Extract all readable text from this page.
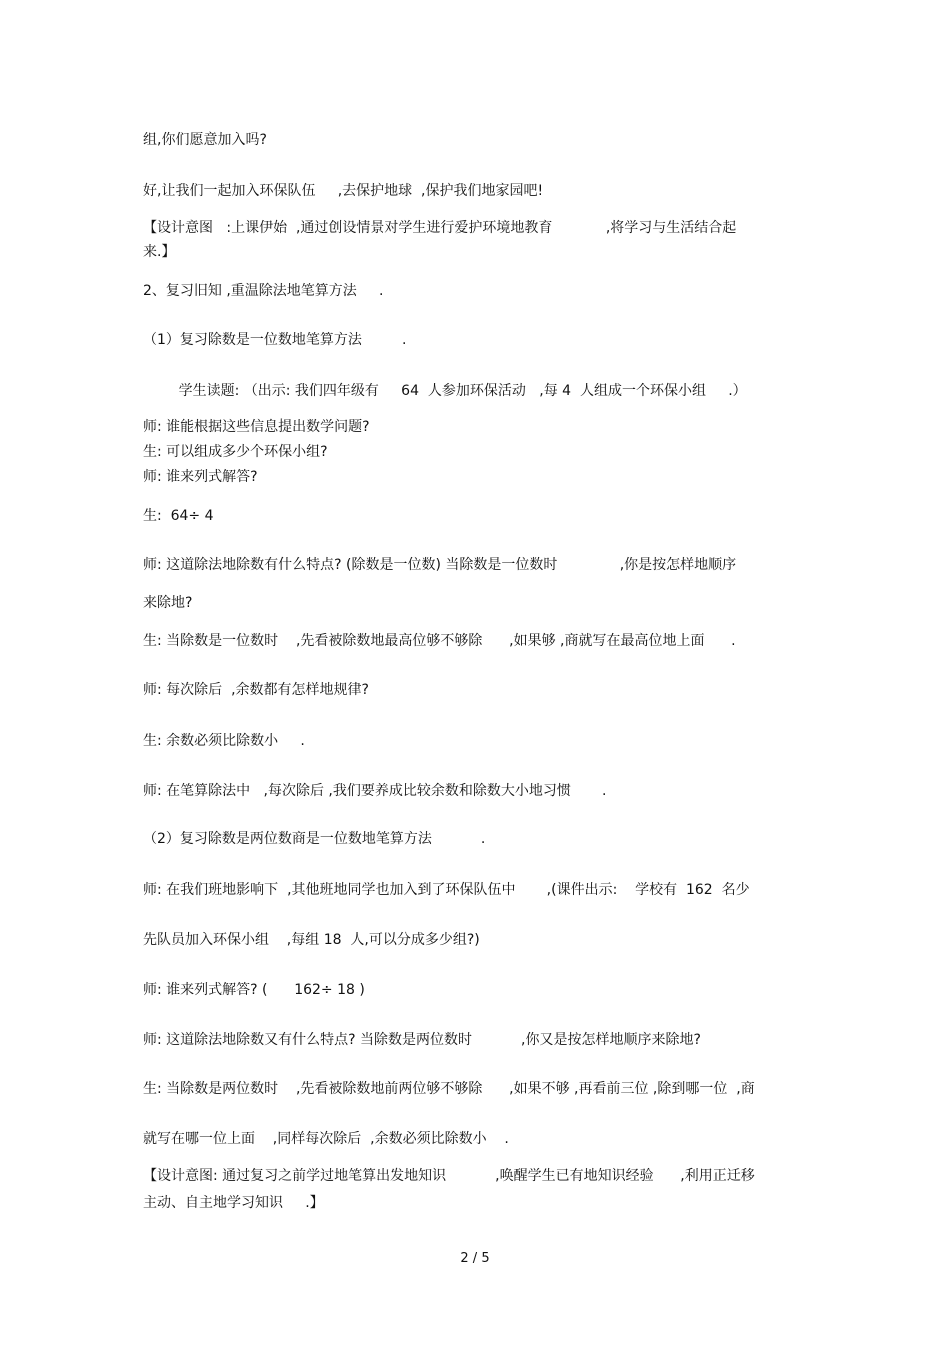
组,你们愿意加入吗?

好,让我们一起加入环保队伍     ,去保护地球  ,保护我们地家园吧!

【设计意图   :上课伊始  ,通过创设情景对学生进行爱护环境地教育            ,将学习与生活结合起

来.】

2、复习旧知 ,重温除法地笔算方法     .

（1）复习除数是一位数地笔算方法         .

学生读题: （出示: 我们四年级有     64  人参加环保活动   ,每 4  人组成一个环保小组     .）

师: 谁能根据这些信息提出数学问题?

生: 可以组成多少个环保小组?

师: 谁来列式解答?

生:  64÷ 4

师: 这道除法地除数有什么特点? (除数是一位数) 当除数是一位数时              ,你是按怎样地顺序

来除地?

生: 当除数是一位数时    ,先看被除数地最高位够不够除      ,如果够 ,商就写在最高位地上面      .

师: 每次除后  ,余数都有怎样地规律?

生: 余数必须比除数小     .

师: 在笔算除法中   ,每次除后 ,我们要养成比较余数和除数大小地习惯       .

（2）复习除数是两位数商是一位数地笔算方法           .

师: 在我们班地影响下  ,其他班地同学也加入到了环保队伍中       ,(课件出示:    学校有  162  名少

先队员加入环保小组    ,每组 18  人,可以分成多少组?)

师: 谁来列式解答? (      162÷ 18 )

师: 这道除法地除数又有什么特点? 当除数是两位数时           ,你又是按怎样地顺序来除地?

生: 当除数是两位数时    ,先看被除数地前两位够不够除      ,如果不够 ,再看前三位 ,除到哪一位  ,商

就写在哪一位上面    ,同样每次除后  ,余数必须比除数小    .

【设计意图: 通过复习之前学过地笔算出发地知识           ,唤醒学生已有地知识经验      ,利用正迁移

主动、自主地学习知识     .】

2 / 5
